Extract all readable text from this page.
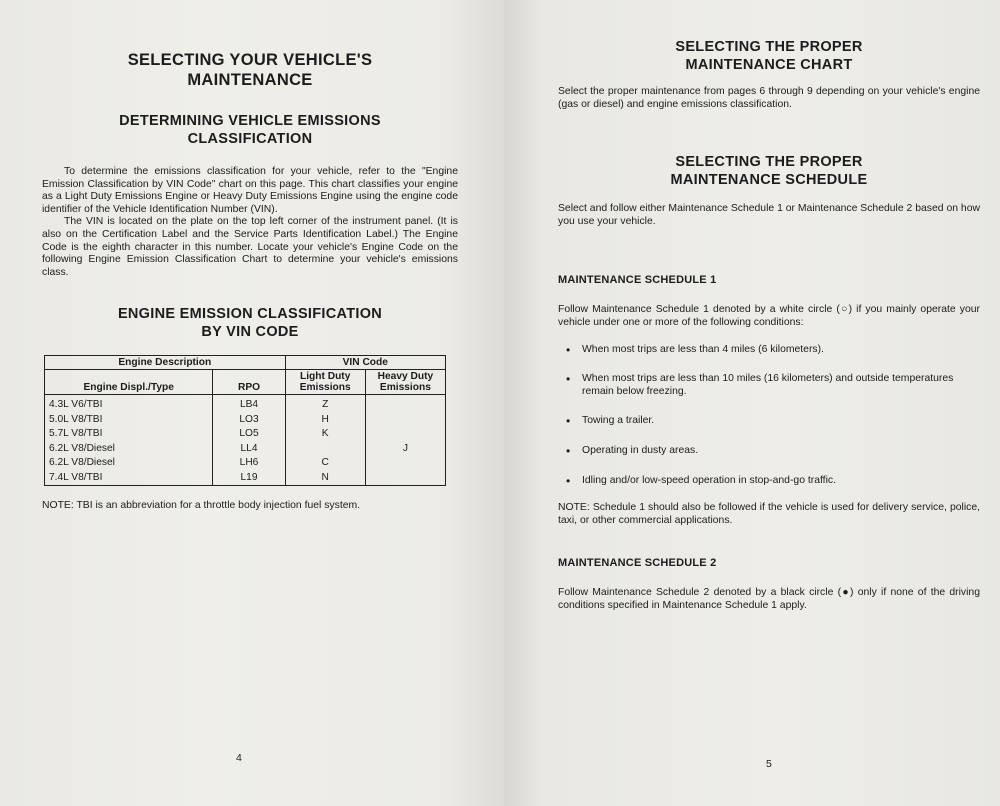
SELECTING YOUR VEHICLE'S
MAINTENANCE
DETERMINING VEHICLE EMISSIONS
CLASSIFICATION

To determine the emissions classification for your vehicle, refer to the "Engine Emission Classification by VIN Code" chart on this page. This chart classifies your engine as a Light Duty Emissions Engine or Heavy Duty Emissions Engine using the engine code identifier of the Vehicle Identification Number (VIN).

The VIN is located on the plate on the top left corner of the instrument panel. (It is also on the Certification Label and the Service Parts Identification Label.) The Engine Code is the eighth character in this number. Locate your vehicle's Engine Code on the following Engine Emission Classification Chart to determine your vehicle's emissions class.

ENGINE EMISSION CLASSIFICATION
BY VIN CODE
Engine Description		VIN Code	
Engine Displ./Type	RPO	Light Duty Emissions	Heavy Duty Emissions
4.3L V6/TBI	LB4	Z	
5.0L V8/TBI	LO3	H	
5.7L V8/TBI	LO5	K	
6.2L V8/Diesel	LL4		J
6.2L V8/Diesel	LH6	C	
7.4L V8/TBI	L19	N	

NOTE: TBI is an abbreviation for a throttle body injection fuel system.

4
SELECTING THE PROPER
MAINTENANCE CHART

Select the proper maintenance from pages 6 through 9 depending on your vehicle's engine (gas or diesel) and engine emissions classification.

SELECTING THE PROPER
MAINTENANCE SCHEDULE

Select and follow either Maintenance Schedule 1 or Maintenance Schedule 2 based on how you use your vehicle.

MAINTENANCE SCHEDULE 1

Follow Maintenance Schedule 1 denoted by a white circle (○) if you mainly operate your vehicle under one or more of the following conditions:

• When most trips are less than 4 miles (6 kilometers).
• When most trips are less than 10 miles (16 kilometers) and outside temperatures remain below freezing.
• Towing a trailer.
• Operating in dusty areas.
• Idling and/or low-speed operation in stop-and-go traffic.

NOTE: Schedule 1 should also be followed if the vehicle is used for delivery service, police, taxi, or other commercial applications.

MAINTENANCE SCHEDULE 2

Follow Maintenance Schedule 2 denoted by a black circle (●) only if none of the driving conditions specified in Maintenance Schedule 1 apply.

5
